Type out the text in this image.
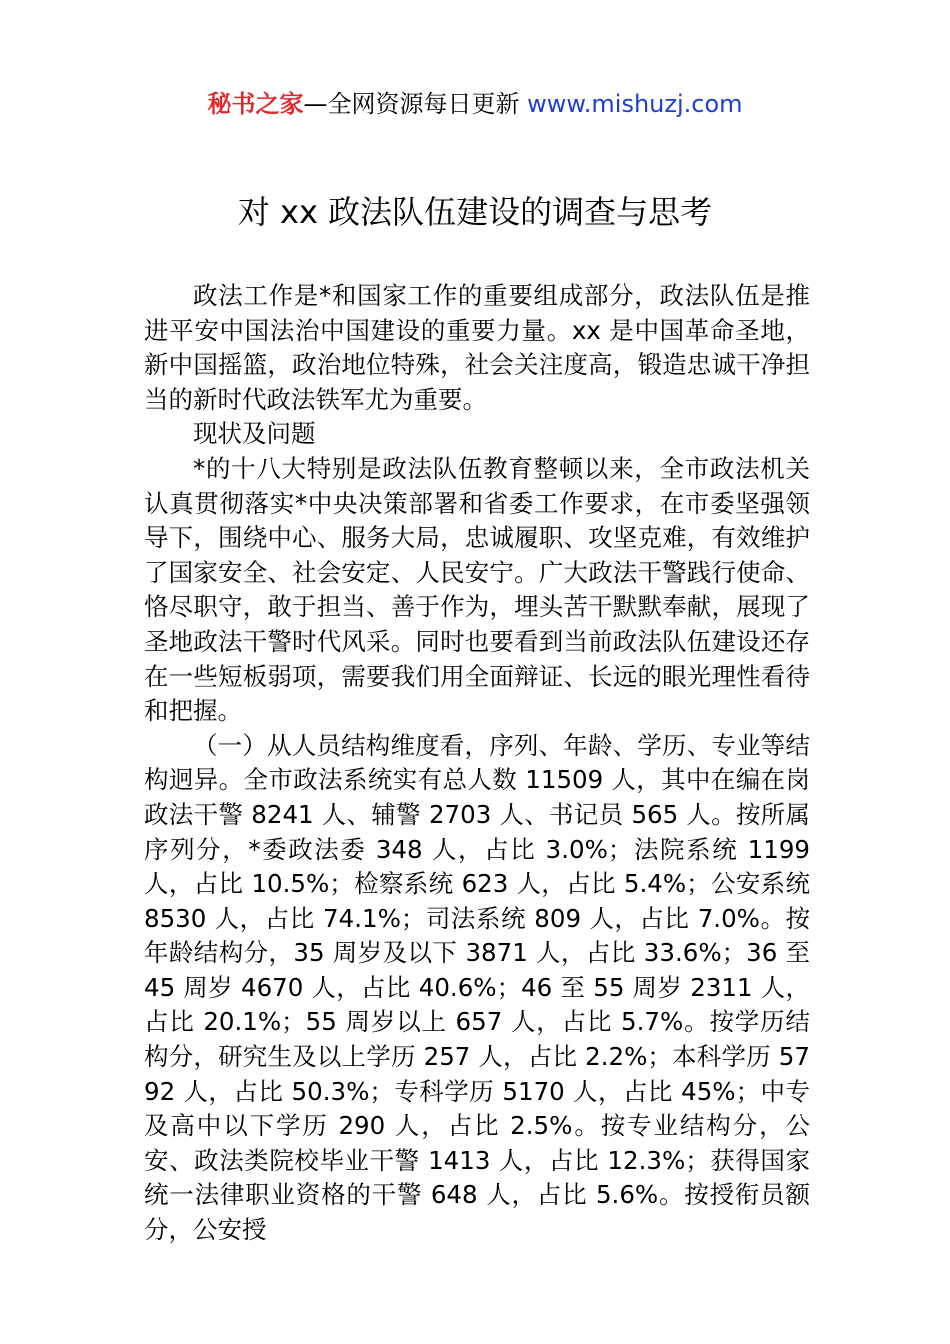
秘书之家—全网资源每日更新 www.mishuzj.com
对 xx 政法队伍建设的调查与思考

政法工作是*和国家工作的重要组成部分，政法队伍是推进平安中国法治中国建设的重要力量。xx 是中国革命圣地，新中国摇篮，政治地位特殊，社会关注度高，锻造忠诚干净担当的新时代政法铁军尤为重要。

现状及问题

*的十八大特别是政法队伍教育整顿以来，全市政法机关认真贯彻落实*中央决策部署和省委工作要求，在市委坚强领导下，围绕中心、服务大局，忠诚履职、攻坚克难，有效维护了国家安全、社会安定、人民安宁。广大政法干警践行使命、恪尽职守，敢于担当、善于作为，埋头苦干默默奉献，展现了圣地政法干警时代风采。同时也要看到当前政法队伍建设还存在一些短板弱项，需要我们用全面辩证、长远的眼光理性看待和把握。

（一）从人员结构维度看，序列、年龄、学历、专业等结构迥异。全市政法系统实有总人数 11509 人，其中在编在岗政法干警 8241 人、辅警 2703 人、书记员 565 人。按所属序列分，*委政法委 348 人，占比 3.0%；法院系统 1199 人，占比 10.5%；检察系统 623 人，占比 5.4%；公安系统 8530 人，占比 74.1%；司法系统 809 人，占比 7.0%。按年龄结构分，35 周岁及以下 3871 人，占比 33.6%；36 至 45 周岁 4670 人，占比 40.6%；46 至 55 周岁 2311 人，占比 20.1%；55 周岁以上 657 人，占比 5.7%。按学历结构分，研究生及以上学历 257 人，占比 2.2%；本科学历 5792 人，占比 50.3%；专科学历 5170 人，占比 45%；中专及高中以下学历 290 人，占比 2.5%。按专业结构分，公安、政法类院校毕业干警 1413 人，占比 12.3%；获得国家统一法律职业资格的干警 648 人，占比 5.6%。按授衔员额分，公安授
